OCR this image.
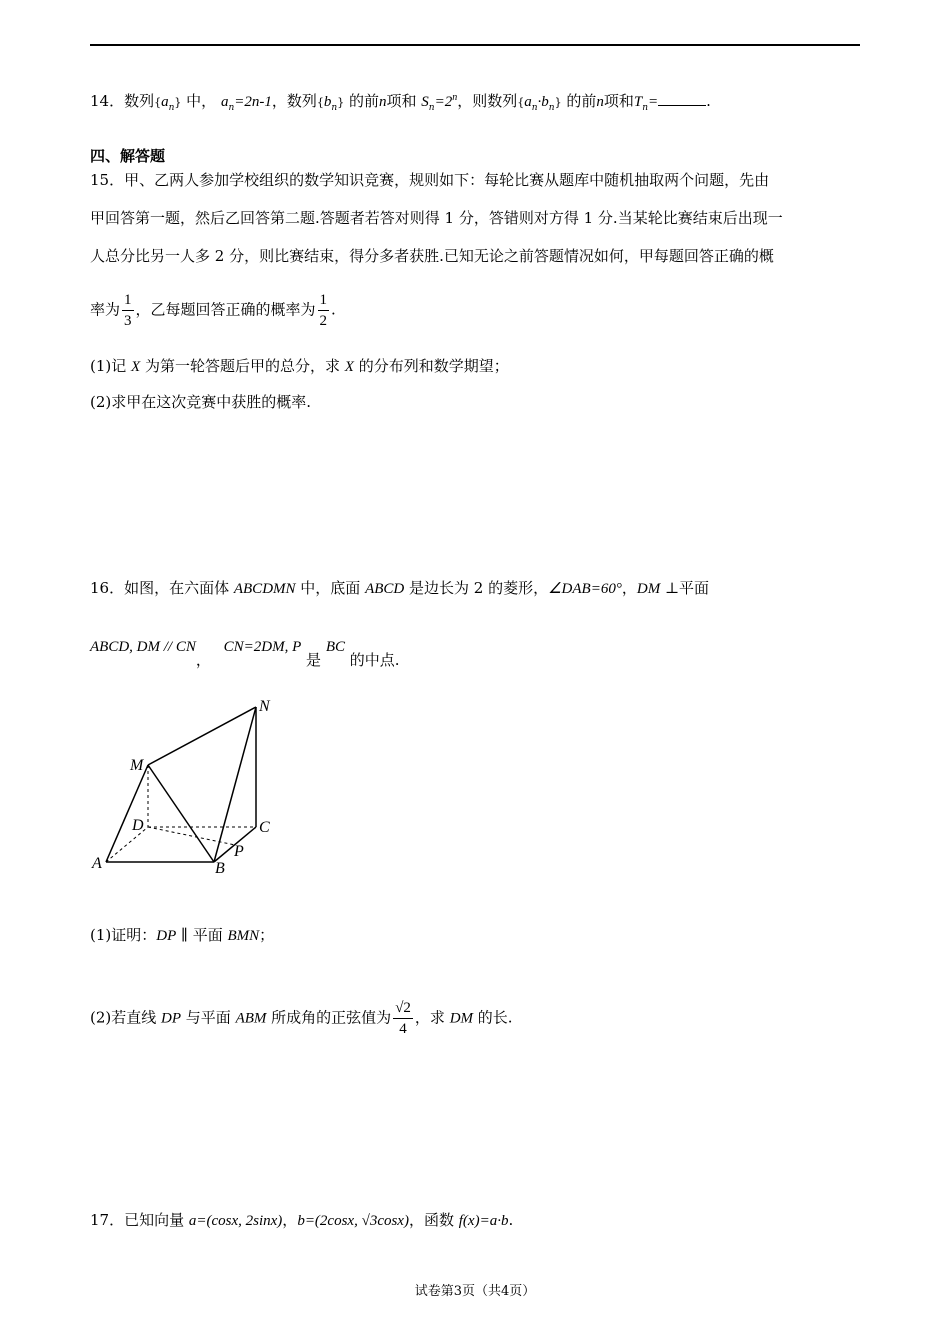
14．数列$\{a_n\}$ 中， $a_n=2n-1$，数列$\{b_n\}$ 的前n项和 $S_n=2^n$，则数列$\{a_n\cdot b_n\}$ 的前n项和$T_n=$	.
四、解答题
15．甲、乙两人参加学校组织的数学知识竞赛，规则如下：每轮比赛从题库中随机抽取两个问题，先由
甲回答第一题，然后乙回答第二题.答题者若答对则得 1 分，答错则对方得 1 分.当某轮比赛结束后出现一
人总分比另一人多 2 分，则比赛结束，得分多者获胜.已知无论之前答题情况如何，甲每题回答正确的概
率为 $\frac{1}{3}$ ，乙每题回答正确的概率为 $\frac{1}{2}$ .
(1)记 X 为第一轮答题后甲的总分，求 X 的分布列和数学期望；
(2)求甲在这次竞赛中获胜的概率.
16．如图，在六面体 ABCDMN 中，底面 ABCD 是边长为 2 的菱形，∠DAB=60°，DM ⊥平面
ABCD, DM // CN， CN=2DM, P 是 BC 的中点.
N
M
D	C
A	B
P
(1)证明：DP ∥ 平面 BMN；
(2)若直线 DP 与平面 ABM 所成角的正弦值为 $\frac{√2}{4}$ ，求 DM 的长.
17．已知向量 a=(cosx, 2sinx)，b=(2cosx, √3cosx)，函数 f(x)=a·b.
试卷第3页（共4页）
